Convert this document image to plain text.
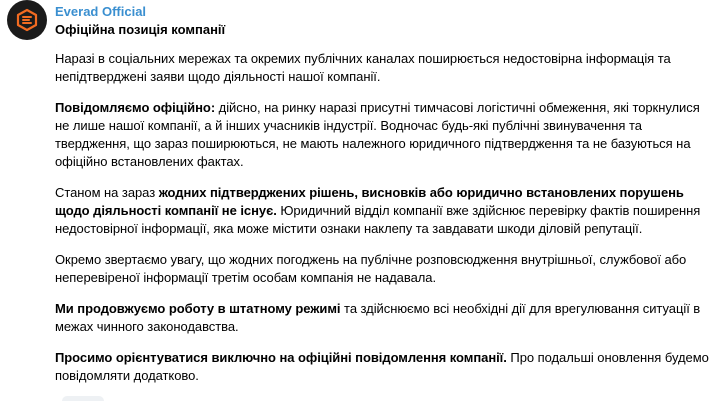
Everad Official
Офіційна позиція компанії

Наразі в соціальних мережах та окремих публічних каналах поширюється недостовірна інформація та непідтверджені заяви щодо діяльності нашої компанії.

Повідомляємо офіційно: дійсно, на ринку наразі присутні тимчасові логістичні обмеження, які торкнулися не лише нашої компанії, а й інших учасників індустрії. Водночас будь-які публічні звинувачення та твердження, що зараз поширюються, не мають належного юридичного підтвердження та не базуються на офіційно встановлених фактах.

Станом на зараз жодних підтверджених рішень, висновків або юридично встановлених порушень щодо діяльності компанії не існує. Юридичний відділ компанії вже здійснює перевірку фактів поширення недостовірної інформації, яка може містити ознаки наклепу та завдавати шкоди діловій репутації.

Окремо звертаємо увагу, що жодних погоджень на публічне розповсюдження внутрішньої, службової або неперевіреної інформації третім особам компанія не надавала.

Ми продовжуємо роботу в штатному режимі та здійснюємо всі необхідні дії для врегулювання ситуації в межах чинного законодавства.

Просимо орієнтуватися виключно на офіційні повідомлення компанії. Про подальші оновлення будемо повідомляти додатково.
